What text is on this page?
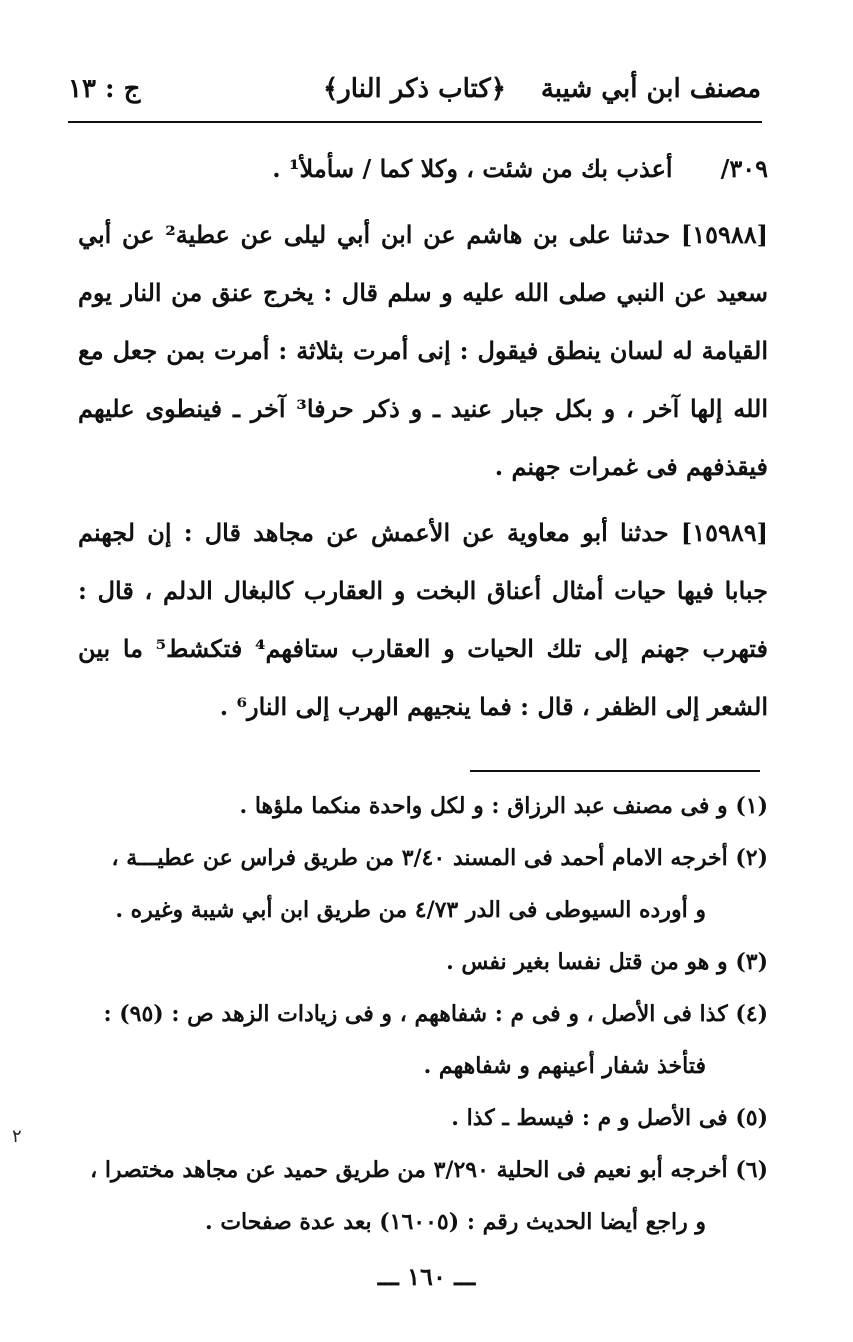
مصنف ابن أبي شيبة
﴿كتاب ذكر النار﴾
ج : ١٣

٣٠٩/أعذب بك من شئت ، وكلا كما / سأملأ¹ .

[١٥٩٨٨] حدثنا على بن هاشم عن ابن أبي ليلى عن عطية² عن أبي سعيد عن النبي صلى الله عليه و سلم قال : يخرج عنق من النار يوم القيامة له لسان ينطق فيقول : إنى أمرت بثلاثة : أمرت بمن جعل مع الله إلها آخر ، و بكل جبار عنيد ـ و ذكر حرفا³ آخر ـ فينطوى عليهم فيقذفهم فى غمرات جهنم .

[١٥٩٨٩] حدثنا أبو معاوية عن الأعمش عن مجاهد قال : إن لجهنم جبابا فيها حيات أمثال أعناق البخت و العقارب كالبغال الدلم ، قال : فتهرب جهنم إلى تلك الحيات و العقارب ستافهم⁴ فتكشط⁵ ما بين الشعر إلى الظفر ، قال : فما ينجيهم الهرب إلى النار⁶ .

(١) و فى مصنف عبد الرزاق : و لكل واحدة منكما ملؤها .

(٢) أخرجه الامام أحمد فى المسند ٣/٤٠ من طريق فراس عن عطيـــة ،
و أورده السيوطى فى الدر ٤/٧٣ من طريق ابن أبي شيبة وغيره .

(٣) و هو من قتل نفسا بغير نفس .

(٤) كذا فى الأصل ، و فى م : شفاههم ، و فى زيادات الزهد ص : (٩٥) :
فتأخذ شفار أعينهم و شفاههم .

(٥) فى الأصل و م : فيسط ـ كذا .

(٦) أخرجه أبو نعيم فى الحلية ٣/٢٩٠ من طريق حميد عن مجاهد مختصرا ،
و راجع أيضا الحديث رقم : (١٦٠٠٥) بعد عدة صفحات .

٢
ـــ ١٦٠ ـــ
